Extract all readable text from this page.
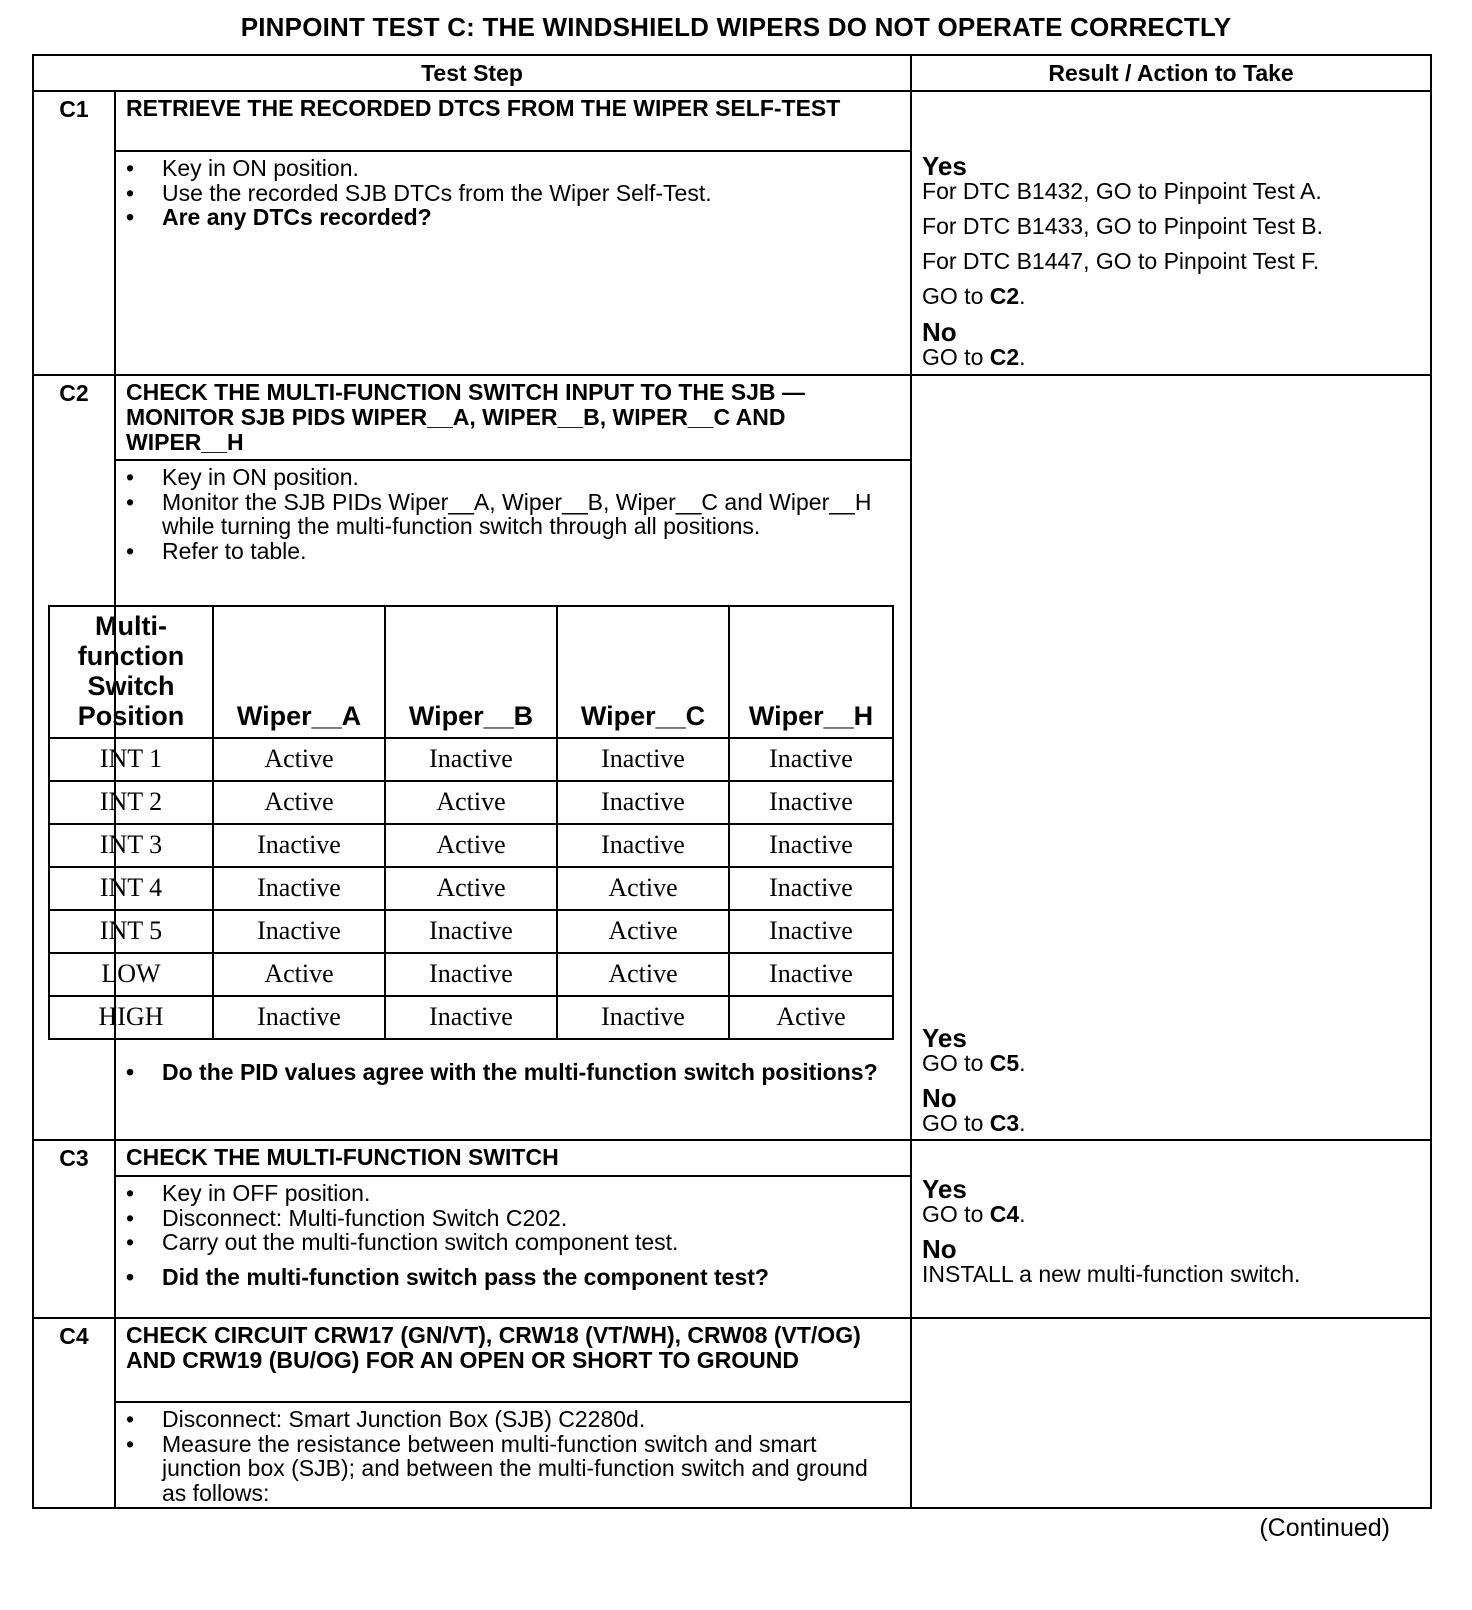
PINPOINT TEST C: THE WINDSHIELD WIPERS DO NOT OPERATE CORRECTLY
Test Step	Result / Action to Take
C1	RETRIEVE THE RECORDED DTCS FROM THE WIPER SELF-TEST	

• Key in ON position.
• Use the recorded SJB DTCs from the Wiper Self-Test.
• Are any DTCs recorded?

Yes
For DTC B1432, GO to Pinpoint Test A.
For DTC B1433, GO to Pinpoint Test B.
For DTC B1447, GO to Pinpoint Test F.
GO to C2.
No
GO to C2.
C2	CHECK THE MULTI-FUNCTION SWITCH INPUT TO THE SJB — MONITOR SJB PIDS WIPER__A, WIPER__B, WIPER__C AND WIPER__H	

• Key in ON position.
• Monitor the SJB PIDs Wiper__A, Wiper__B, Wiper__C and Wiper__H while turning the multi-function switch through all positions.
• Refer to table.
Multi-function Switch Position	Wiper__A	Wiper__B	Wiper__C	Wiper__H
INT 1	Active	Inactive	Inactive	Inactive
INT 2	Active	Active	Inactive	Inactive
INT 3	Inactive	Active	Inactive	Inactive
INT 4	Inactive	Active	Active	Inactive
INT 5	Inactive	Inactive	Active	Inactive
LOW	Active	Inactive	Active	Inactive
HIGH	Inactive	Inactive	Inactive	Active
• Do the PID values agree with the multi-function switch positions?

Yes
GO to C5.
No
GO to C3.

C3	CHECK THE MULTI-FUNCTION SWITCH	

• Key in OFF position.
• Disconnect: Multi-function Switch C202.
• Carry out the multi-function switch component test.
• Did the multi-function switch pass the component test?

Yes
GO to C4.
No
INSTALL a new multi-function switch.

C4	CHECK CIRCUIT CRW17 (GN/VT), CRW18 (VT/WH), CRW08 (VT/OG) AND CRW19 (BU/OG) FOR AN OPEN OR SHORT TO GROUND	

• Disconnect: Smart Junction Box (SJB) C2280d.
• Measure the resistance between multi-function switch and smart junction box (SJB); and between the multi-function switch and ground as follows:

(Continued)
